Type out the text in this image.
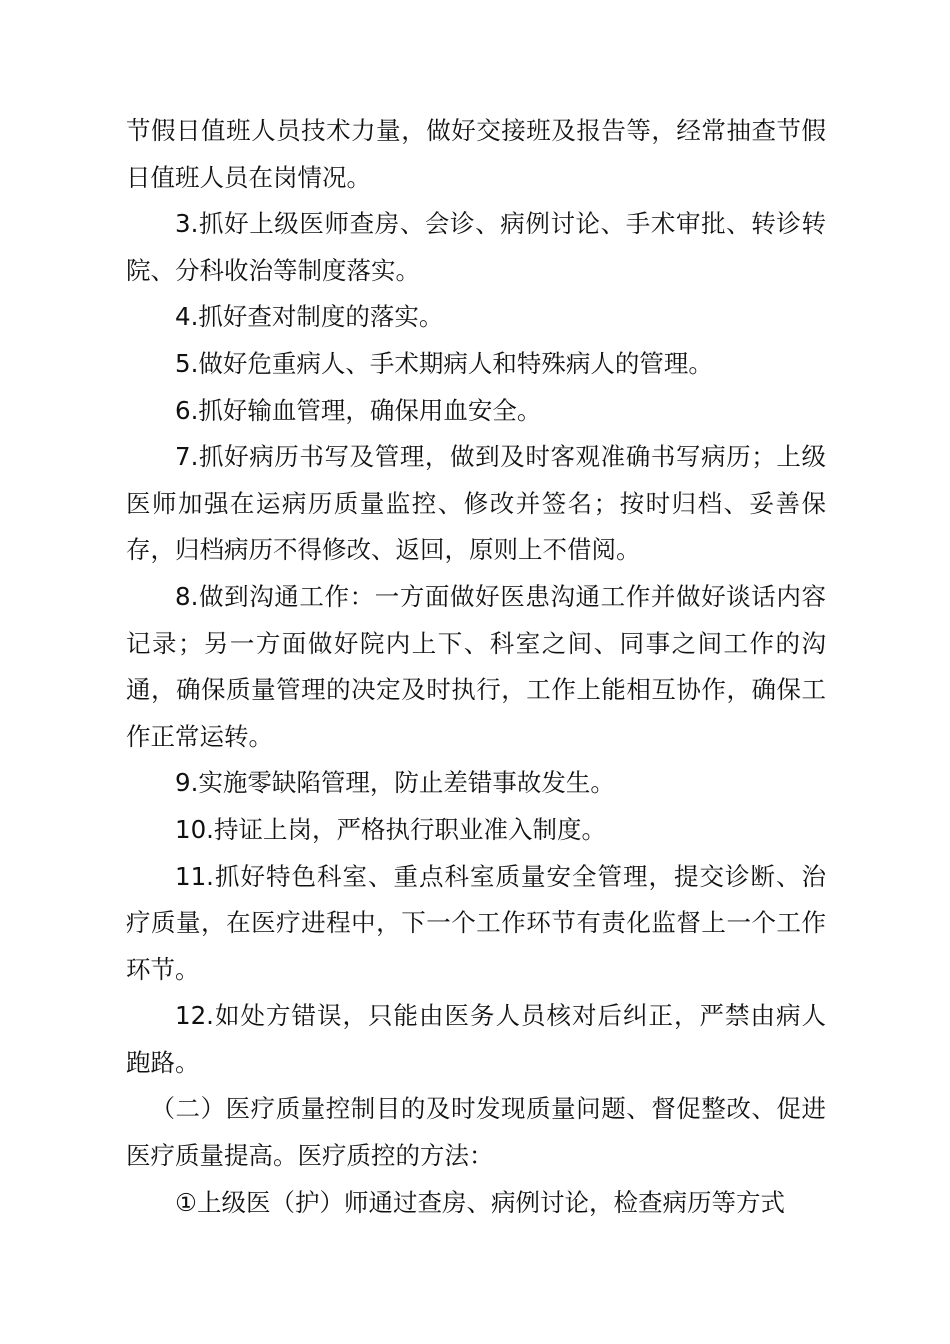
节假日值班人员技术力量，做好交接班及报告等，经常抽查节假日值班人员在岗情况。

3.抓好上级医师查房、会诊、病例讨论、手术审批、转诊转院、分科收治等制度落实。

4.抓好查对制度的落实。

5.做好危重病人、手术期病人和特殊病人的管理。

6.抓好输血管理，确保用血安全。

7.抓好病历书写及管理，做到及时客观准确书写病历；上级医师加强在运病历质量监控、修改并签名；按时归档、妥善保存，归档病历不得修改、返回，原则上不借阅。

8.做到沟通工作：一方面做好医患沟通工作并做好谈话内容记录；另一方面做好院内上下、科室之间、同事之间工作的沟通，确保质量管理的决定及时执行，工作上能相互协作，确保工作正常运转。

9.实施零缺陷管理，防止差错事故发生。

10.持证上岗，严格执行职业准入制度。

11.抓好特色科室、重点科室质量安全管理，提交诊断、治疗质量，在医疗进程中，下一个工作环节有责化监督上一个工作环节。

12.如处方错误，只能由医务人员核对后纠正，严禁由病人跑路。

（二）医疗质量控制目的及时发现质量问题、督促整改、促进医疗质量提高。医疗质控的方法：

①上级医（护）师通过查房、病例讨论，检查病历等方式
